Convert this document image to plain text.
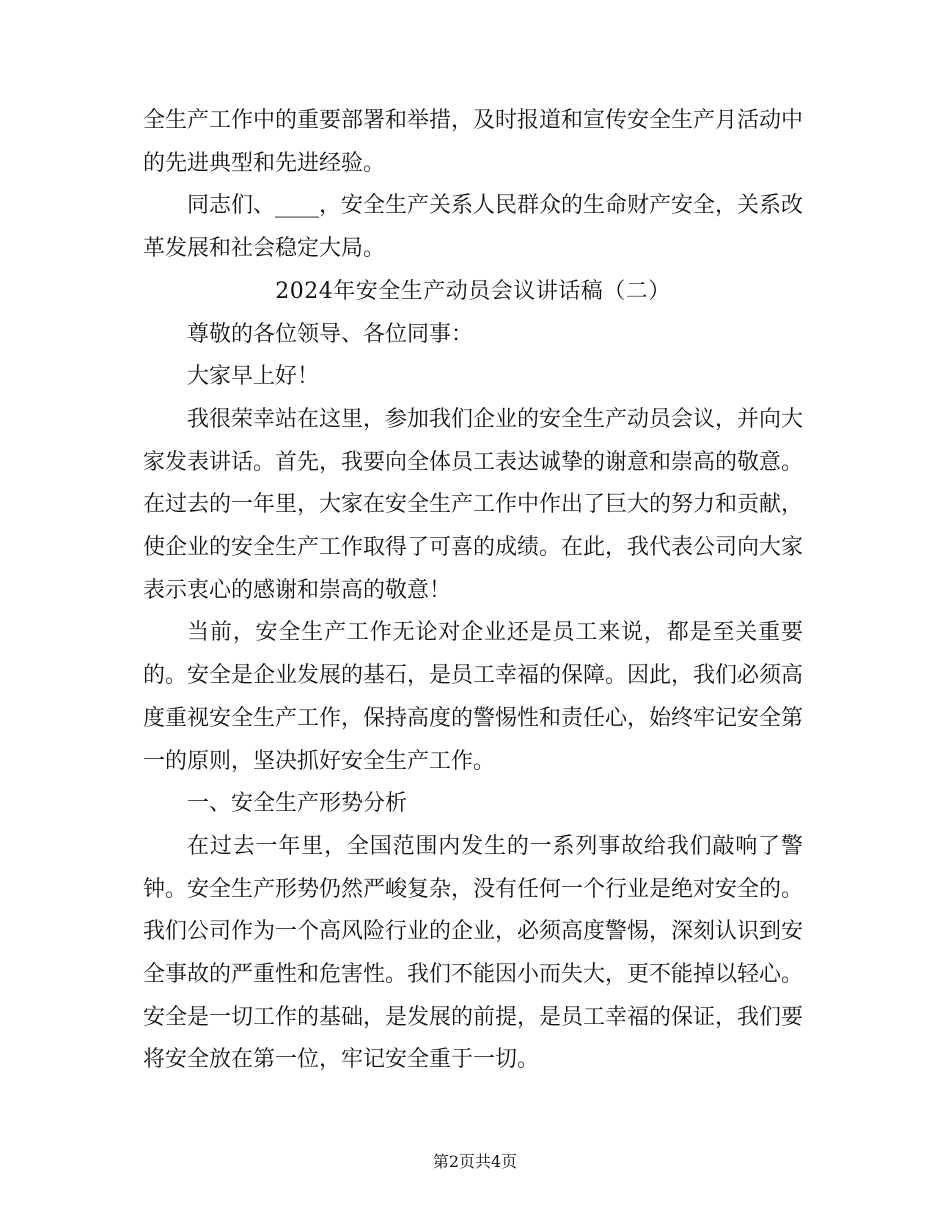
全生产工作中的重要部署和举措，及时报道和宣传安全生产月活动中的先进典型和先进经验。

同志们、____，安全生产关系人民群众的生命财产安全，关系改革发展和社会稳定大局。

2024年安全生产动员会议讲话稿（二）

尊敬的各位领导、各位同事：

大家早上好！

我很荣幸站在这里，参加我们企业的安全生产动员会议，并向大家发表讲话。首先，我要向全体员工表达诚挚的谢意和崇高的敬意。在过去的一年里，大家在安全生产工作中作出了巨大的努力和贡献，使企业的安全生产工作取得了可喜的成绩。在此，我代表公司向大家表示衷心的感谢和崇高的敬意！

当前，安全生产工作无论对企业还是员工来说，都是至关重要的。安全是企业发展的基石，是员工幸福的保障。因此，我们必须高度重视安全生产工作，保持高度的警惕性和责任心，始终牢记安全第一的原则，坚决抓好安全生产工作。

一、安全生产形势分析

在过去一年里，全国范围内发生的一系列事故给我们敲响了警钟。安全生产形势仍然严峻复杂，没有任何一个行业是绝对安全的。我们公司作为一个高风险行业的企业，必须高度警惕，深刻认识到安全事故的严重性和危害性。我们不能因小而失大，更不能掉以轻心。安全是一切工作的基础，是发展的前提，是员工幸福的保证，我们要将安全放在第一位，牢记安全重于一切。

第2页共4页
